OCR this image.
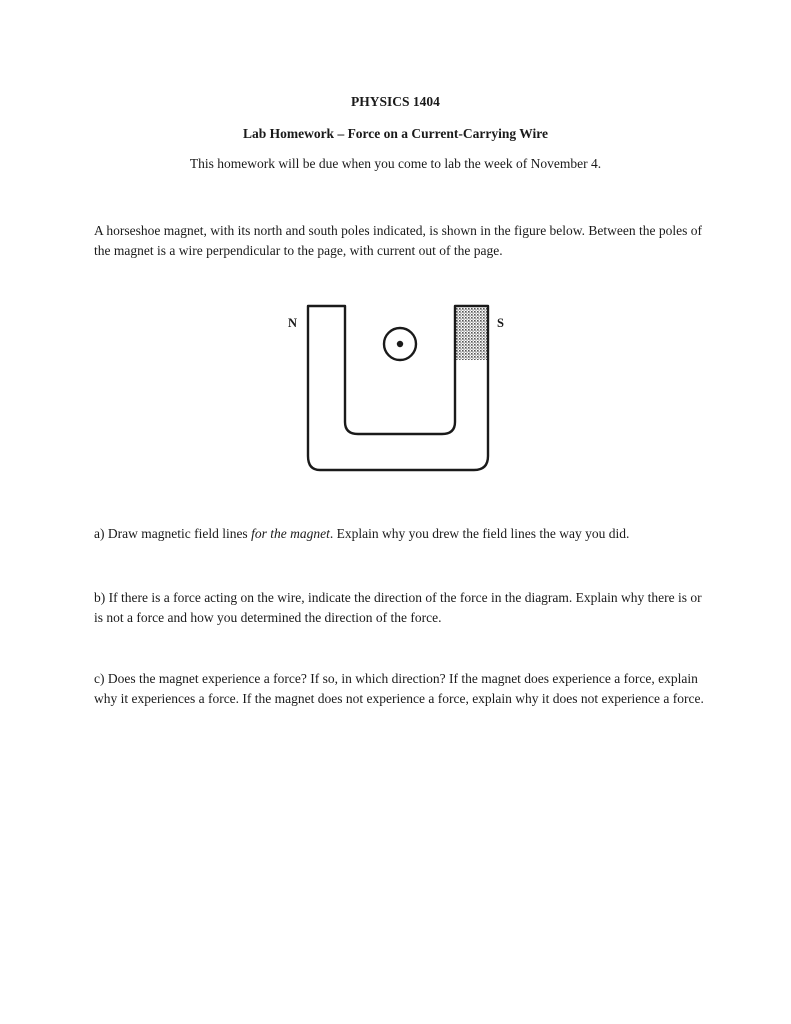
PHYSICS 1404
Lab Homework – Force on a Current-Carrying Wire
This homework will be due when you come to lab the week of November 4.
A horseshoe magnet, with its north and south poles indicated, is shown in the figure below. Between the poles of the magnet is a wire perpendicular to the page, with current out of the page.
N	S
a) Draw magnetic field lines for the magnet. Explain why you drew the field lines the way you did.
b) If there is a force acting on the wire, indicate the direction of the force in the diagram. Explain why there is or is not a force and how you determined the direction of the force.
c) Does the magnet experience a force? If so, in which direction? If the magnet does experience a force, explain why it experiences a force. If the magnet does not experience a force, explain why it does not experience a force.
